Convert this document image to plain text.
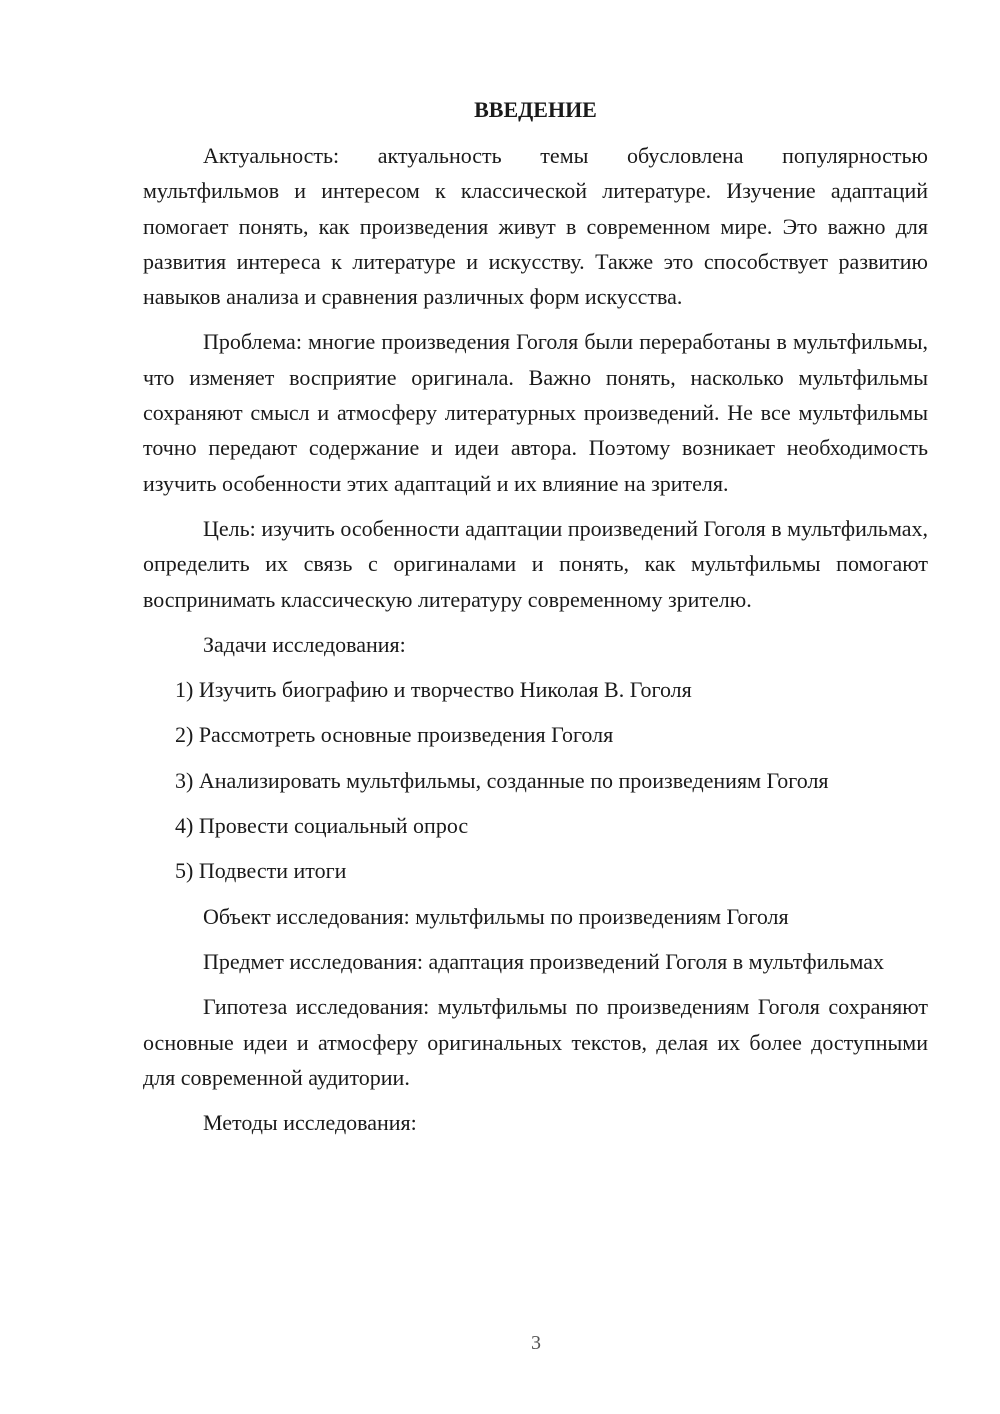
ВВЕДЕНИЕ

Актуальность: актуальность темы обусловлена популярностью мультфильмов и интересом к классической литературе. Изучение адаптаций помогает понять, как произведения живут в современном мире. Это важно для развития интереса к литературе и искусству. Также это способствует развитию навыков анализа и сравнения различных форм искусства.

Проблема: многие произведения Гоголя были переработаны в мультфильмы, что изменяет восприятие оригинала. Важно понять, насколько мультфильмы сохраняют смысл и атмосферу литературных произведений. Не все мультфильмы точно передают содержание и идеи автора. Поэтому возникает необходимость изучить особенности этих адаптаций и их влияние на зрителя.

Цель: изучить особенности адаптации произведений Гоголя в мультфильмах, определить их связь с оригиналами и понять, как мультфильмы помогают воспринимать классическую литературу современному зрителю.

Задачи исследования:

1) Изучить биографию и творчество Николая В. Гоголя
2) Рассмотреть основные произведения Гоголя
3) Анализировать мультфильмы, созданные по произведениям Гоголя
4) Провести социальный опрос
5) Подвести итоги

Объект исследования: мультфильмы по произведениям Гоголя

Предмет исследования: адаптация произведений Гоголя в мультфильмах

Гипотеза исследования: мультфильмы по произведениям Гоголя сохраняют основные идеи и атмосферу оригинальных текстов, делая их более доступными для современной аудитории.

Методы исследования:

3
